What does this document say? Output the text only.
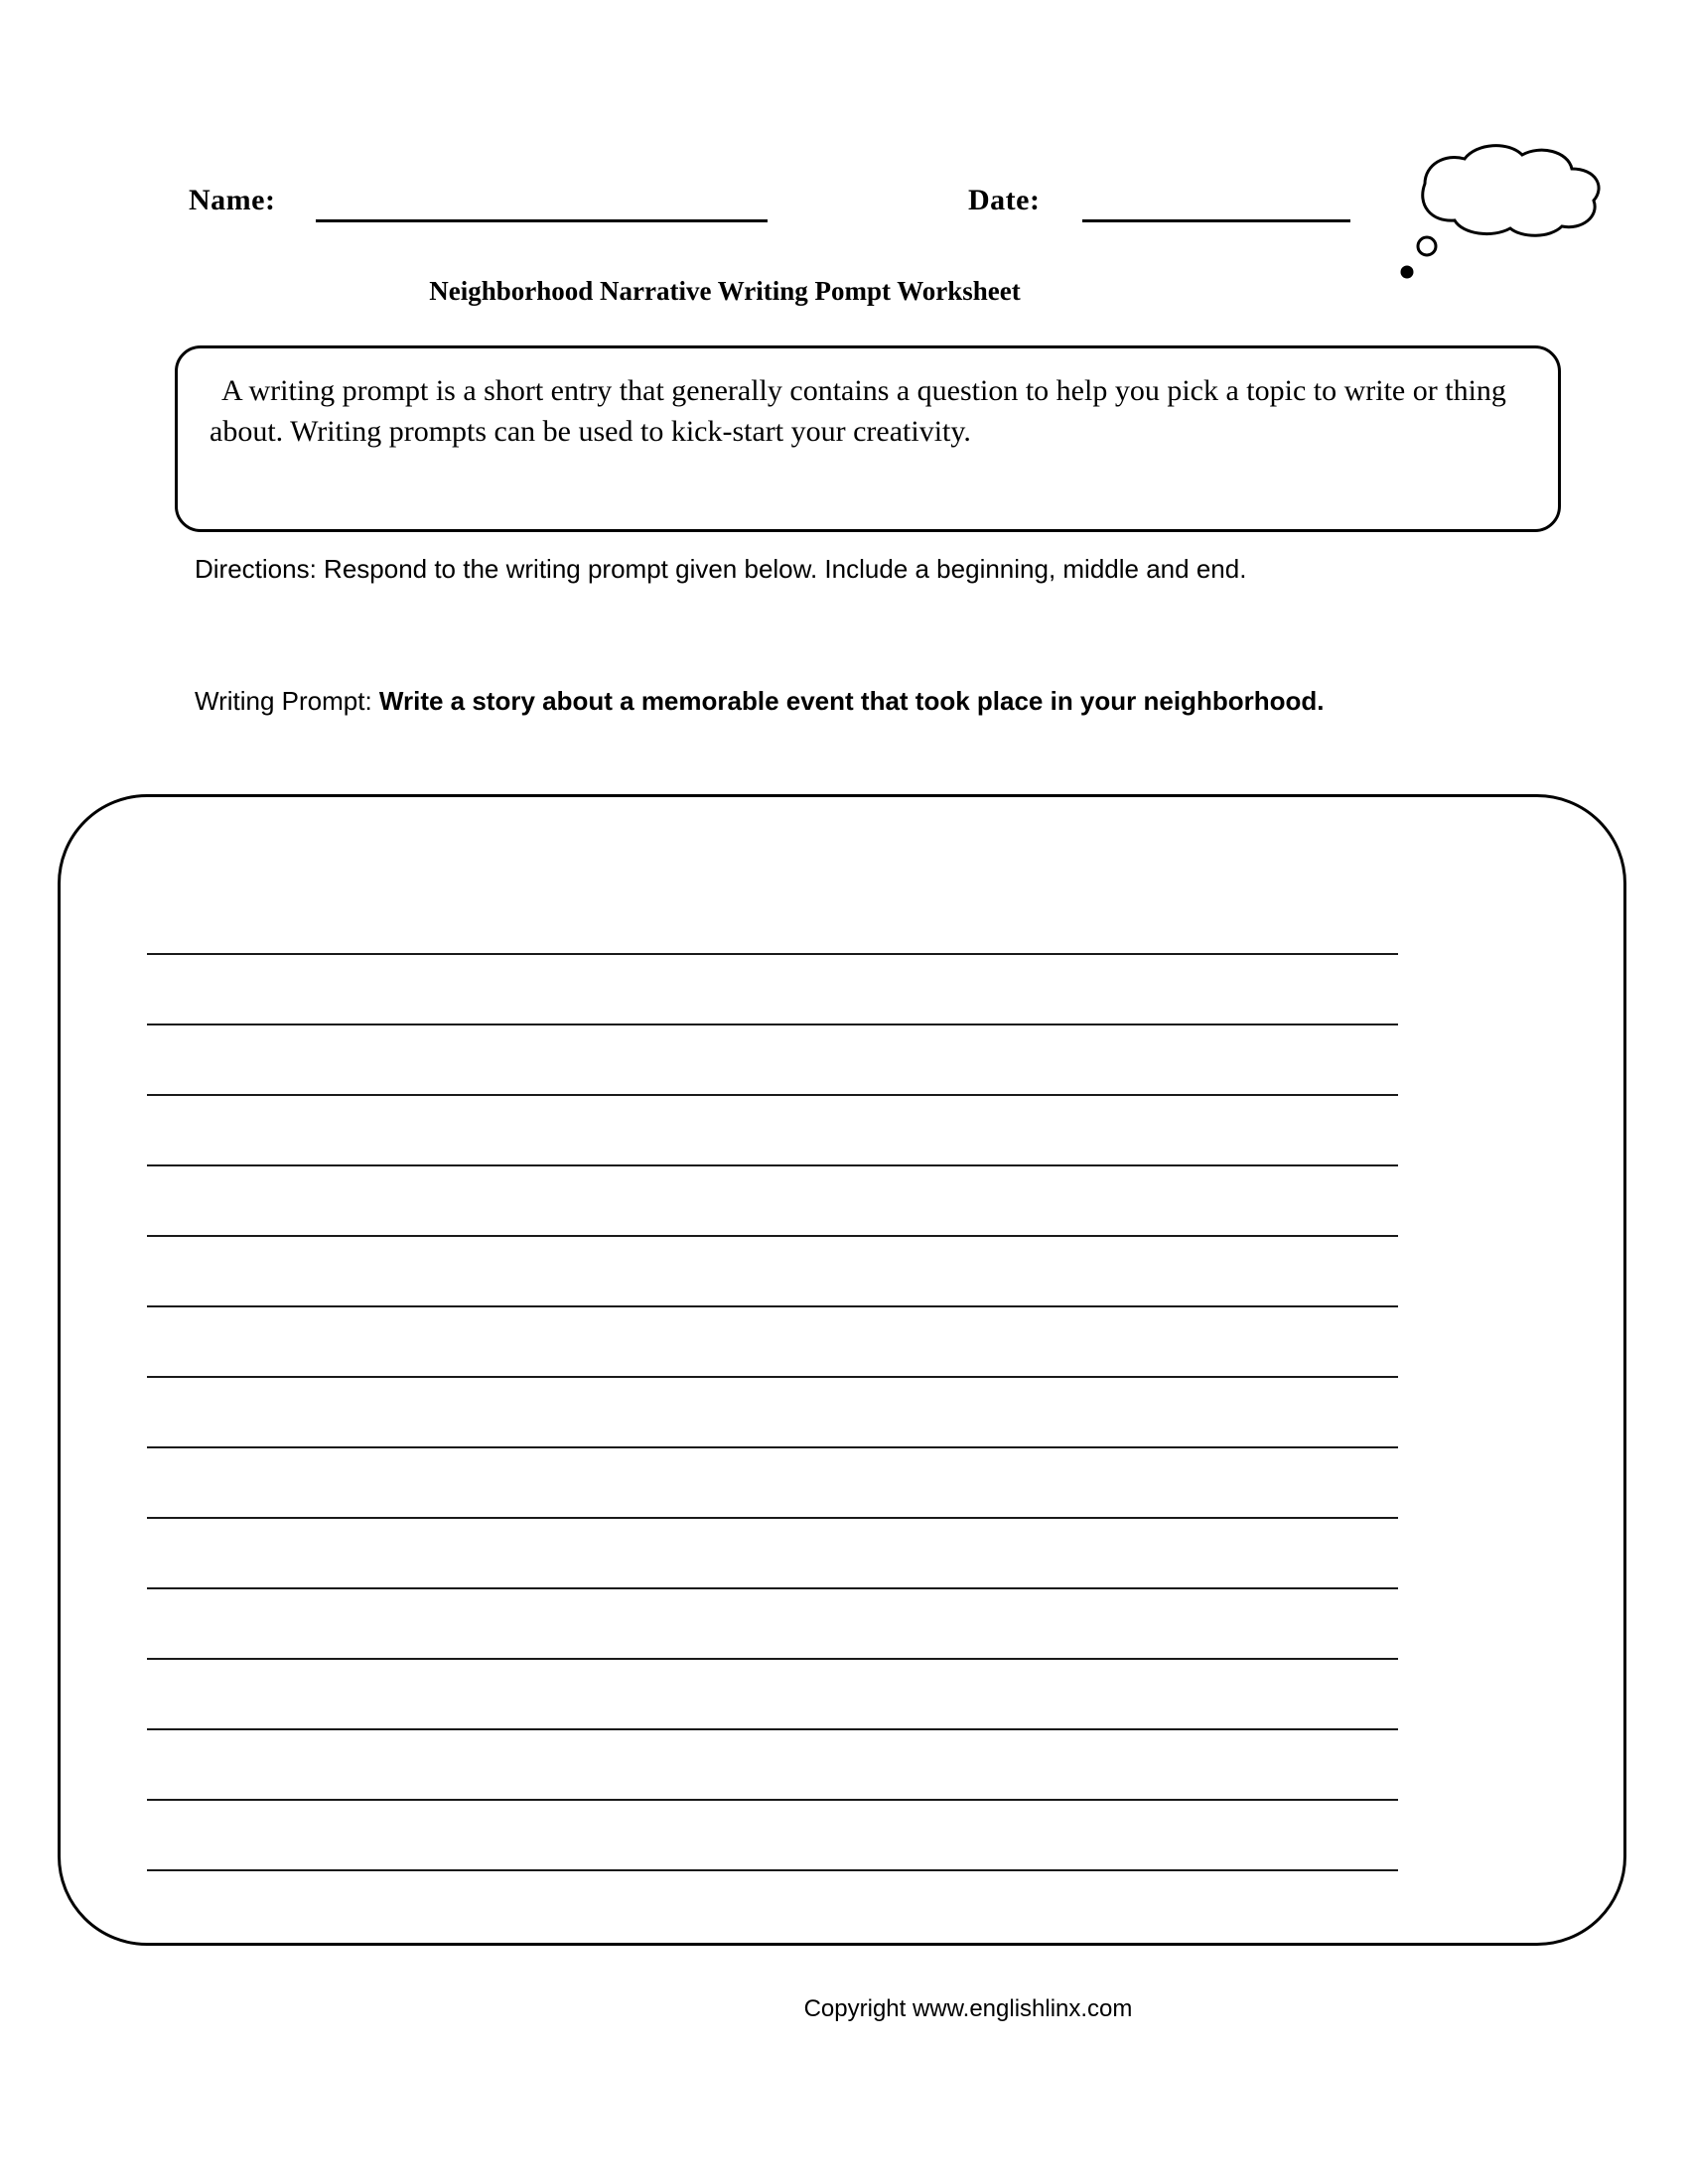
Name:	Date:
Neighborhood Narrative Writing Pompt Worksheet
A writing prompt is a short entry that generally contains a question to help you pick a topic to write or thing about. Writing prompts can be used to kick-start your creativity.
Directions: Respond to the writing prompt given below. Include a beginning, middle and end.
Writing Prompt: Write a story about a memorable event that took place in your neighborhood.
Copyright www.englishlinx.com
